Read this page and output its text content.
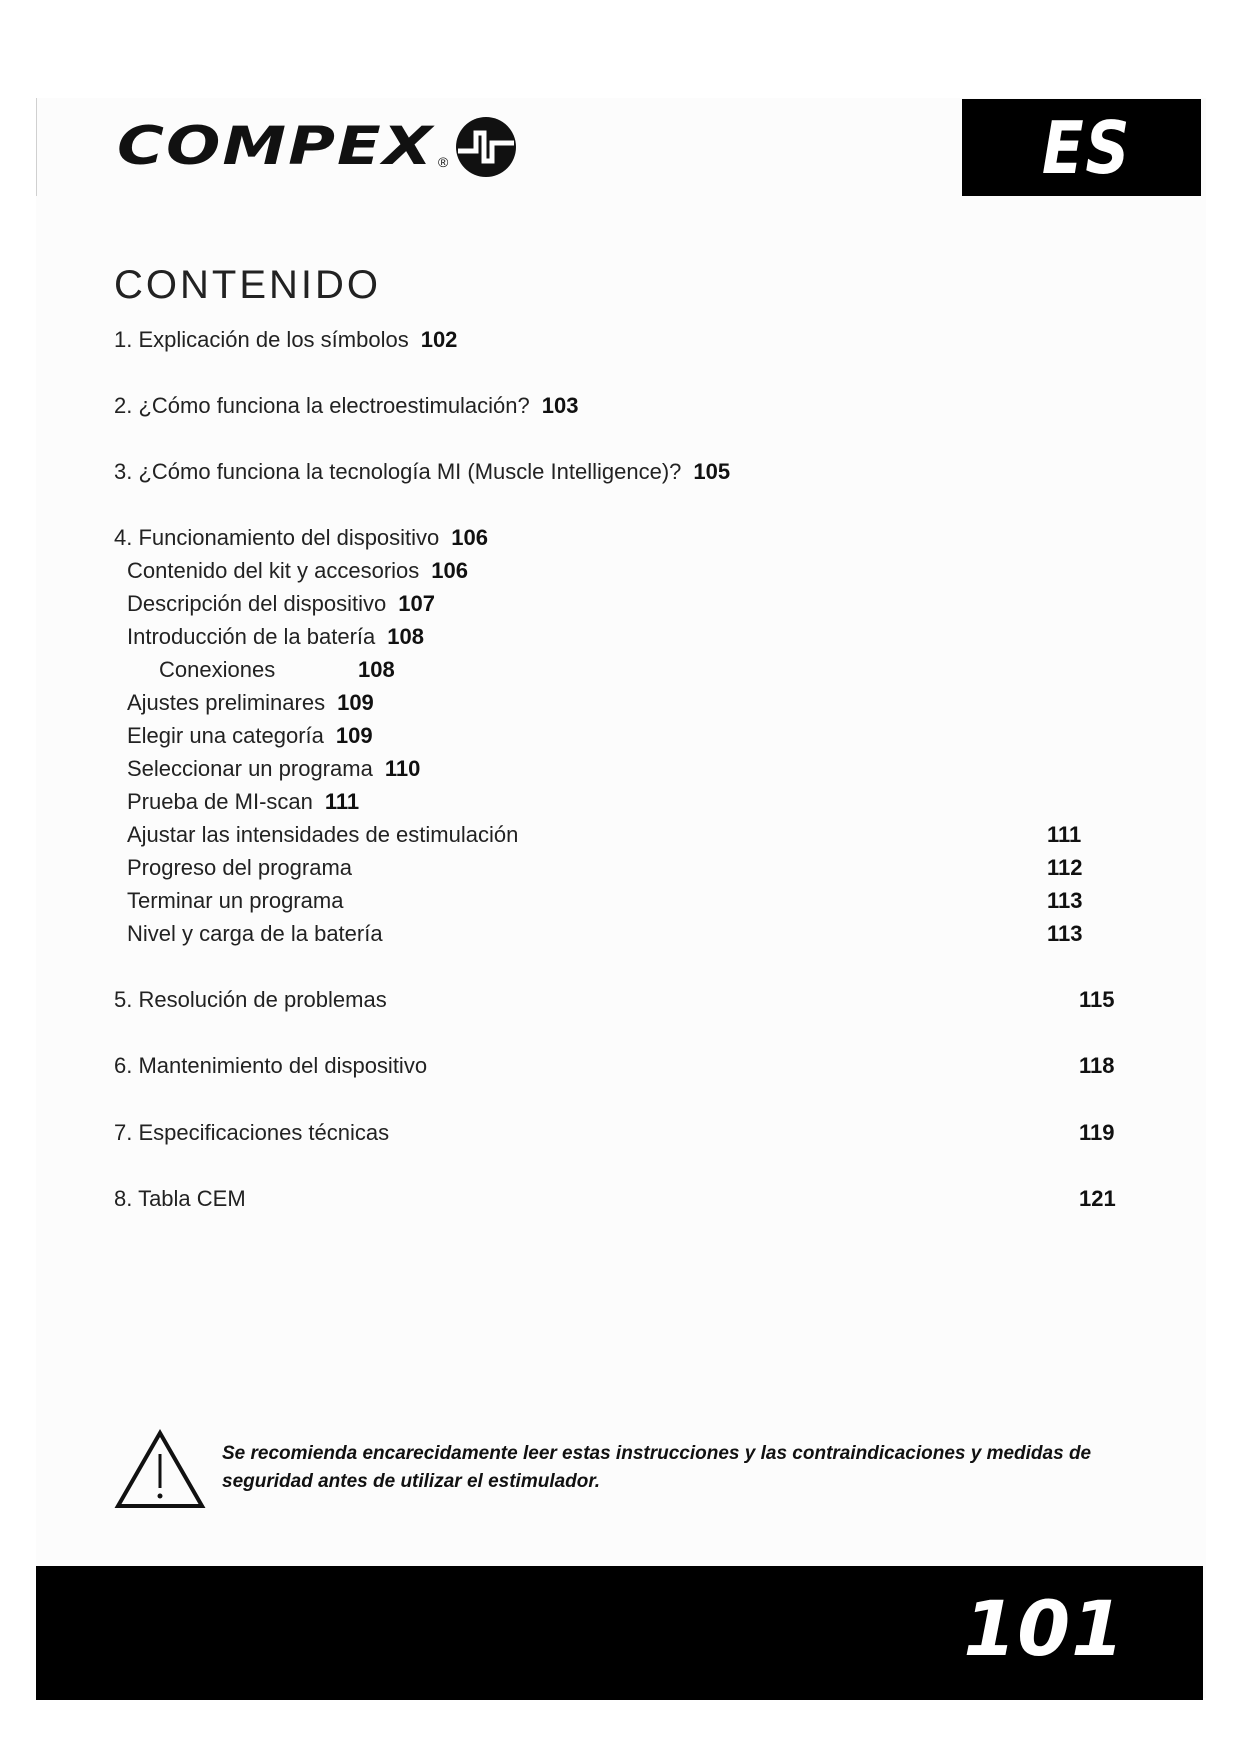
COMPEX ®	ES
CONTENIDO
1. Explicación de los símbolos 102
2. ¿Cómo funciona la electroestimulación? 103
3. ¿Cómo funciona la tecnología MI (Muscle Intelligence)? 105
4. Funcionamiento del dispositivo 106
Contenido del kit y accesorios 106
Descripción del dispositivo 107
Introducción de la batería 108
Conexiones	108
Ajustes preliminares 109
Elegir una categoría 109
Seleccionar un programa 110
Prueba de MI-scan 111
Ajustar las intensidades de estimulación	111
Progreso del programa	112
Terminar un programa	113
Nivel y carga de la batería	113
5. Resolución de problemas	115
6. Mantenimiento del dispositivo	118
7. Especificaciones técnicas	119
8. Tabla CEM	121
Se recomienda encarecidamente leer estas instrucciones y las contraindicaciones y medidas de seguridad antes de utilizar el estimulador.
101
